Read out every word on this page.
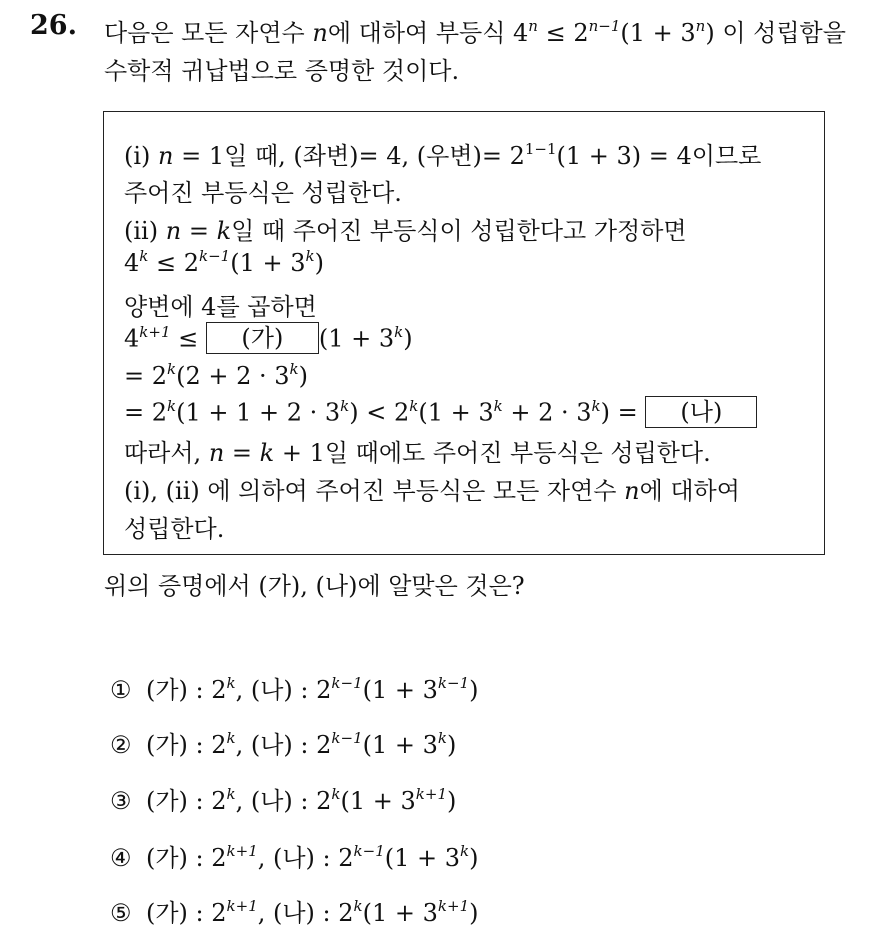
26. 다음은 모든 자연수 n에 대하여 부등식 $4^n \le 2^{n-1}(1 + 3^n)$ 이 성립함을
수학적 귀납법으로 증명한 것이다.
(i) n = 1일 때, (좌변)= 4, (우변)= $2^{1-1}(1 + 3) = 4$이므로
주어진 부등식은 성립한다.
(ii) n = k일 때 주어진 부등식이 성립한다고 가정하면
$4^k \le 2^{k-1}(1 + 3^k)$
양변에 4를 곱하면
$4^{k+1}$ ≤ (가) $(1 + 3^k)$
= $2^k(2 + 2 \cdot 3^k)$
= $2^k(1 + 1 + 2 \cdot 3^k) < 2^k(1 + 3^k + 2 \cdot 3^k)$ = (나)
따라서, n = k + 1일 때에도 주어진 부등식은 성립한다.
(i), (ii) 에 의하여 주어진 부등식은 모든 자연수 n에 대하여
성립한다.
위의 증명에서 (가), (나)에 알맞은 것은?
① (가) : 2$^k$, (나) : $2^{k-1}(1 + 3^{k-1})$
② (가) : 2$^k$, (나) : $2^{k-1}(1 + 3^k)$
③ (가) : 2$^k$, (나) : $2^k(1 + 3^{k+1})$
④ (가) : $2^{k+1}$, (나) : $2^{k-1}(1 + 3^k)$
⑤ (가) : $2^{k+1}$, (나) : $2^k(1 + 3^{k+1})$
